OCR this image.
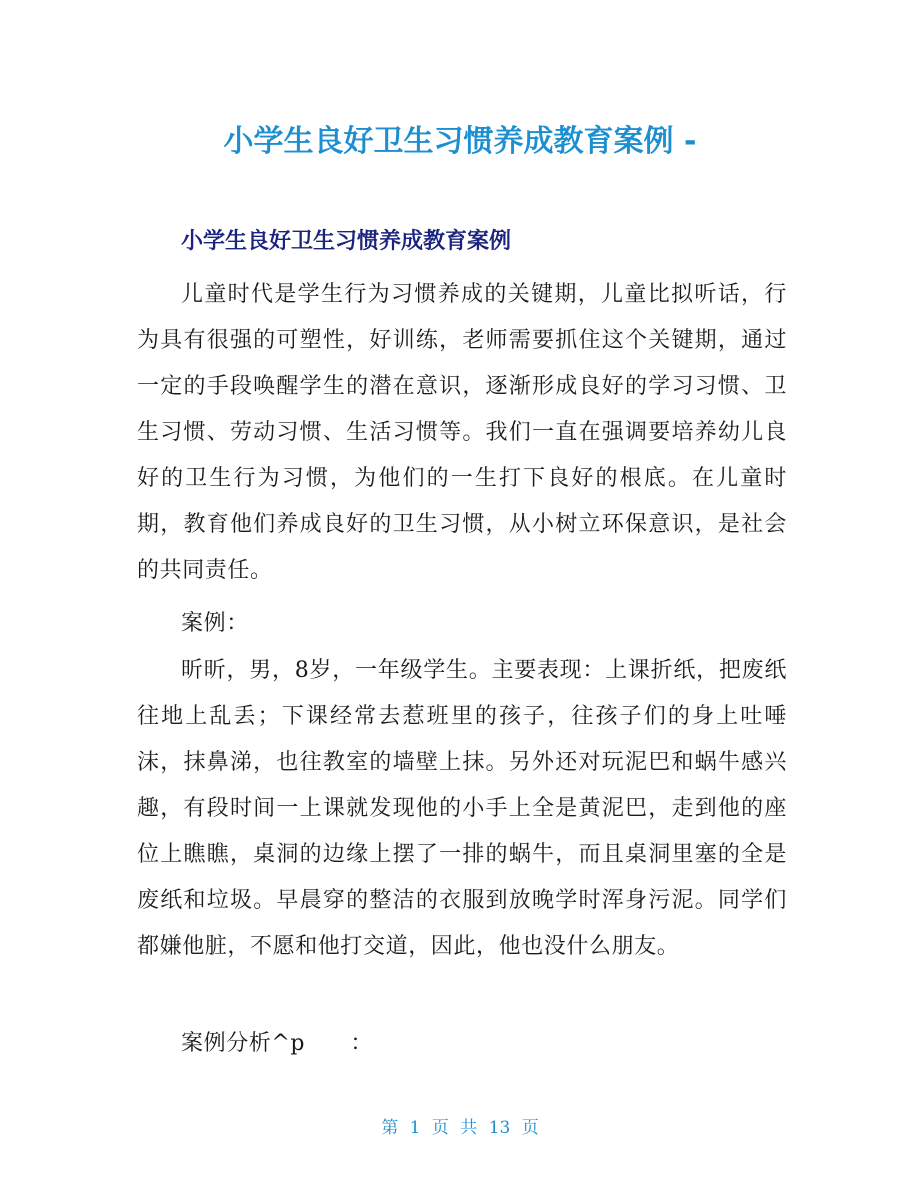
小学生良好卫生习惯养成教育案例 -
小学生良好卫生习惯养成教育案例

儿童时代是学生行为习惯养成的关键期，儿童比拟听话，行为具有很强的可塑性，好训练，老师需要抓住这个关键期，通过一定的手段唤醒学生的潜在意识，逐渐形成良好的学习习惯、卫生习惯、劳动习惯、生活习惯等。我们一直在强调要培养幼儿良好的卫生行为习惯，为他们的一生打下良好的根底。在儿童时期，教育他们养成良好的卫生习惯，从小树立环保意识，是社会的共同责任。

案例：

昕昕，男，8岁，一年级学生。主要表现：上课折纸，把废纸往地上乱丢；下课经常去惹班里的孩子，往孩子们的身上吐唾沫，抹鼻涕，也往教室的墙壁上抹。另外还对玩泥巴和蜗牛感兴趣，有段时间一上课就发现他的小手上全是黄泥巴，走到他的座位上瞧瞧，桌洞的边缘上摆了一排的蜗牛，而且桌洞里塞的全是废纸和垃圾。早晨穿的整洁的衣服到放晚学时浑身污泥。同学们都嫌他脏，不愿和他打交道，因此，他也没什么朋友。

案例分析^p　　：

第 1 页 共 13 页
